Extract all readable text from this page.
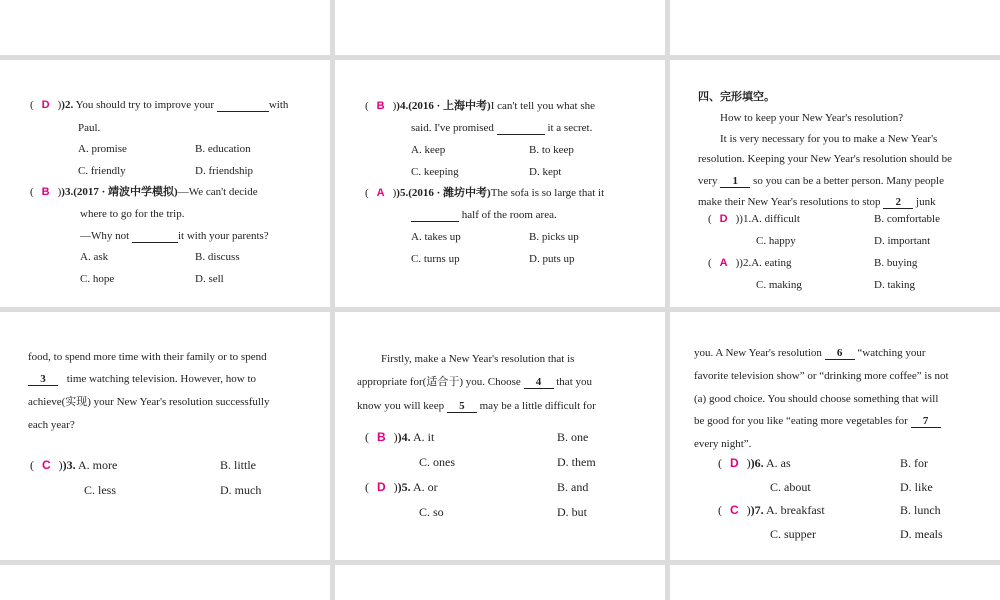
( D ))2. You should try to improve your	with
Paul.
A. promise	B. education
C. friendly	D. friendship
( B ))3.(2017 · 靖波中学模拟)—We can't decide
where to go for the trip.
—Why not	it with your parents?
A. ask	B. discuss
C. hope	D. sell
( B ))4.(2016 · 上海中考)I can't tell you what she
said. I've promised	it a secret.
A. keep	B. to keep
C. keeping	D. kept
( A ))5.(2016 · 潍坊中考)The sofa is so large that it
half of the room area.
A. takes up	B. picks up
C. turns up	D. puts up
四、完形填空。
How to keep your New Year's resolution?
It is very necessary for you to make a New Year's
resolution. Keeping your New Year's resolution should be
very 1 so you can be a better person. Many people
make their New Year's resolutions to stop 2 junk
( D ))1.A. difficult	B. comfortable
C. happy	D. important
( A ))2.A. eating	B. buying
C. making	D. taking
food, to spend more time with their family or to spend
3 time watching television. However, how to
achieve(实现) your New Year's resolution successfully
each year?
( C ))3. A. more	B. little
C. less	D. much
Firstly, make a New Year's resolution that is
appropriate for(适合于) you. Choose 4 that you
know you will keep 5 may be a little difficult for
( B ))4. A. it	B. one
C. ones	D. them
( D ))5. A. or	B. and
C. so	D. but
you. A New Year's resolution 6 “watching your
favorite television show” or “drinking more coffee” is not
(a) good choice. You should choose something that will
be good for you like “eating more vegetables for 7
every night”.
( D ))6. A. as	B. for
C. about	D. like
( C ))7. A. breakfast	B. lunch
C. supper	D. meals
